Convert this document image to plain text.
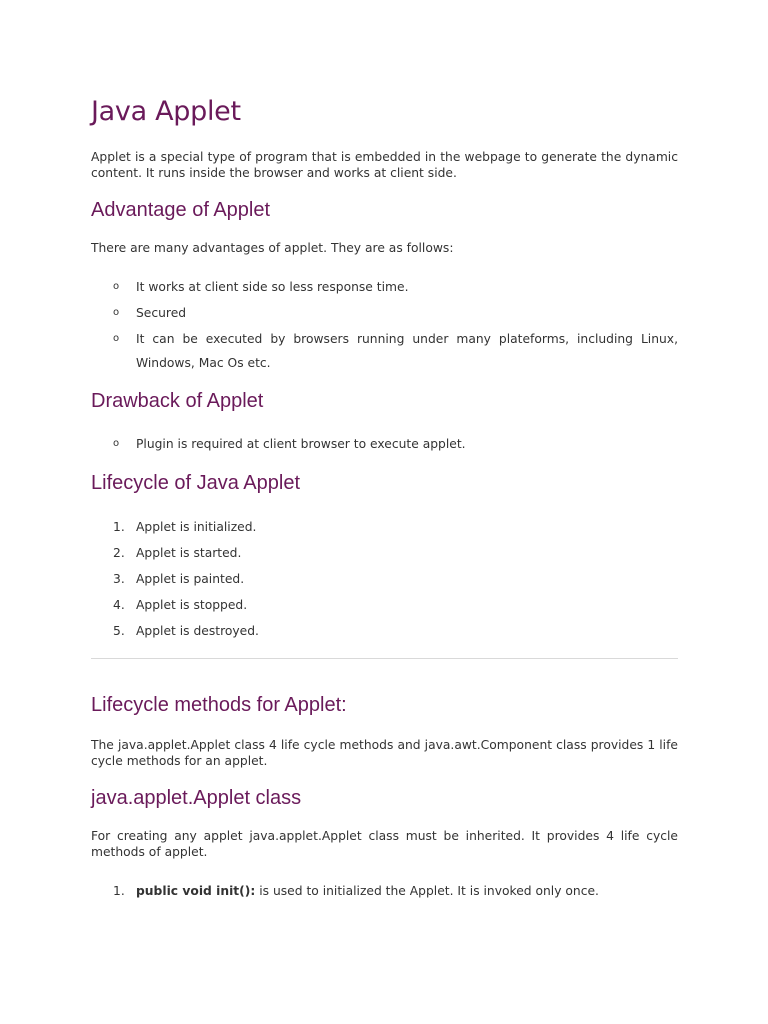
Java Applet

Applet is a special type of program that is embedded in the webpage to generate the dynamic content. It runs inside the browser and works at client side.

Advantage of Applet

There are many advantages of applet. They are as follows:

o It works at client side so less response time.
o Secured
o It can be executed by browsers running under many plateforms, including Linux, Windows, Mac Os etc.
Drawback of Applet
o Plugin is required at client browser to execute applet.
Lifecycle of Java Applet
1. Applet is initialized.
2. Applet is started.
3. Applet is painted.
4. Applet is stopped.
5. Applet is destroyed.
Lifecycle methods for Applet:

The java.applet.Applet class 4 life cycle methods and java.awt.Component class provides 1 life cycle methods for an applet.

java.applet.Applet class

For creating any applet java.applet.Applet class must be inherited. It provides 4 life cycle methods of applet.

1. public void init(): is used to initialized the Applet. It is invoked only once.
